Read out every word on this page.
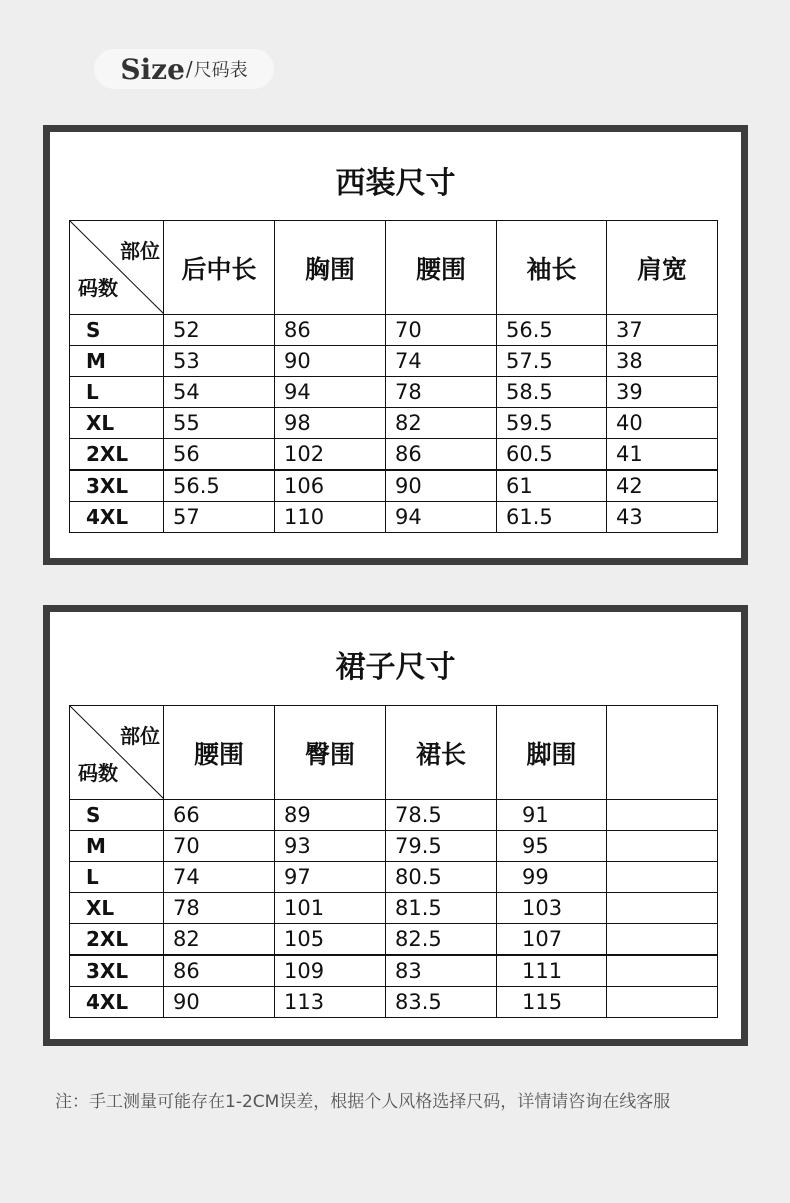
Size / 尺码表
西装尺寸
部位
码数	后中长	胸围	腰围	袖长	肩宽
S	52	86	70	56.5	37
M	53	90	74	57.5	38
L	54	94	78	58.5	39
XL	55	98	82	59.5	40
2XL	56	102	86	60.5	41
3XL	56.5	106	90	61	42
4XL	57	110	94	61.5	43
裙子尺寸
部位
码数	腰围	臀围	裙长	脚围	
S	66	89	78.5	91	
M	70	93	79.5	95	
L	74	97	80.5	99	
XL	78	101	81.5	103	
2XL	82	105	82.5	107	
3XL	86	109	83	111	
4XL	90	113	83.5	115	
注：手工测量可能存在1-2CM误差，根据个人风格选择尺码，详情请咨询在线客服
